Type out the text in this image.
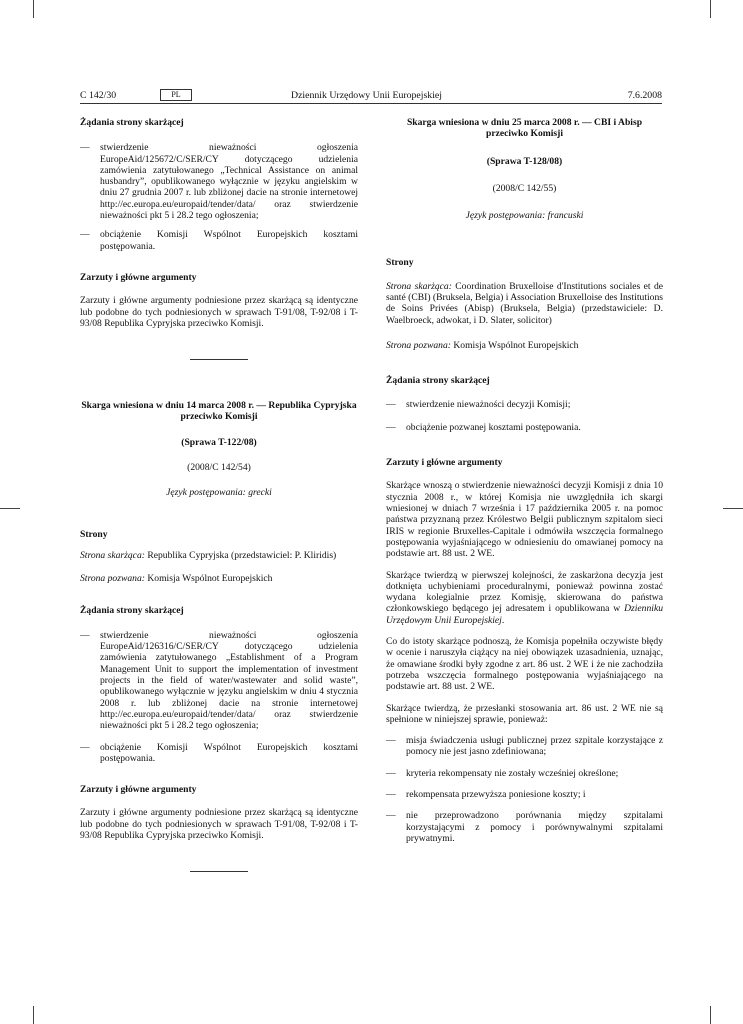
C 142/30	PL	Dziennik Urzędowy Unii Europejskiej	7.6.2008
Żądania strony skarżącej
— stwierdzenie nieważności ogłoszenia EuropeAid/125672/C/SER/CY dotyczącego udzielenia zamówienia zatytułowanego „Technical Assistance on animal husbandry”, opublikowanego wyłącznie w języku angielskim w dniu 27 grudnia 2007 r. lub zbliżonej dacie na stronie internetowej http://ec.europa.eu/europaid/tender/data/ oraz stwierdzenie nieważności pkt 5 i 28.2 tego ogłoszenia;
— obciążenie Komisji Wspólnot Europejskich kosztami postępowania.
Zarzuty i główne argumenty

Zarzuty i główne argumenty podniesione przez skarżącą są identyczne lub podobne do tych podniesionych w sprawach T-91/08, T-92/08 i T-93/08 Republika Cypryjska przeciwko Komisji.

Skarga wniesiona w dniu 14 marca 2008 r. — Republika Cypryjska przeciwko Komisji
(Sprawa T-122/08)
(2008/C 142/54)
Język postępowania: grecki
Strony

Strona skarżąca: Republika Cypryjska (przedstawiciel: P. Kliridis)

Strona pozwana: Komisja Wspólnot Europejskich

Żądania strony skarżącej
— stwierdzenie nieważności ogłoszenia EuropeAid/126316/C/SER/CY dotyczącego udzielenia zamówienia zatytułowanego „Establishment of a Program Management Unit to support the implementation of investment projects in the field of water/wastewater and solid waste”, opublikowanego wyłącznie w języku angielskim w dniu 4 stycznia 2008 r. lub zbliżonej dacie na stronie internetowej http://ec.europa.eu/europaid/tender/data/ oraz stwierdzenie nieważności pkt 5 i 28.2 tego ogłoszenia;
— obciążenie Komisji Wspólnot Europejskich kosztami postępowania.
Zarzuty i główne argumenty

Zarzuty i główne argumenty podniesione przez skarżącą są identyczne lub podobne do tych podniesionych w sprawach T-91/08, T-92/08 i T-93/08 Republika Cypryjska przeciwko Komisji.

Skarga wniesiona w dniu 25 marca 2008 r. — CBI i Abisp przeciwko Komisji
(Sprawa T-128/08)
(2008/C 142/55)
Język postępowania: francuski
Strony

Strona skarżąca: Coordination Bruxelloise d'Institutions sociales et de santé (CBI) (Bruksela, Belgia) i Association Bruxelloise des Institutions de Soins Privées (Abisp) (Bruksela, Belgia) (przedstawiciele: D. Waelbroeck, adwokat, i D. Slater, solicitor)

Strona pozwana: Komisja Wspólnot Europejskich

Żądania strony skarżącej
— stwierdzenie nieważności decyzji Komisji;
— obciążenie pozwanej kosztami postępowania.
Zarzuty i główne argumenty

Skarżące wnoszą o stwierdzenie nieważności decyzji Komisji z dnia 10 stycznia 2008 r., w której Komisja nie uwzględniła ich skargi wniesionej w dniach 7 września i 17 października 2005 r. na pomoc państwa przyznaną przez Królestwo Belgii publicznym szpitalom sieci IRIS w regionie Bruxelles-Capitale i odmówiła wszczęcia formalnego postępowania wyjaśniającego w odniesieniu do omawianej pomocy na podstawie art. 88 ust. 2 WE.

Skarżące twierdzą w pierwszej kolejności, że zaskarżona decyzja jest dotknięta uchybieniami proceduralnymi, ponieważ powinna zostać wydana kolegialnie przez Komisję, skierowana do państwa członkowskiego będącego jej adresatem i opublikowana w Dzienniku Urzędowym Unii Europejskiej.

Co do istoty skarżące podnoszą, że Komisja popełniła oczywiste błędy w ocenie i naruszyła ciążący na niej obowiązek uzasadnienia, uznając, że omawiane środki były zgodne z art. 86 ust. 2 WE i że nie zachodziła potrzeba wszczęcia formalnego postępowania wyjaśniającego na podstawie art. 88 ust. 2 WE.

Skarżące twierdzą, że przesłanki stosowania art. 86 ust. 2 WE nie są spełnione w niniejszej sprawie, ponieważ:

— misja świadczenia usługi publicznej przez szpitale korzystające z pomocy nie jest jasno zdefiniowana;
— kryteria rekompensaty nie zostały wcześniej określone;
— rekompensata przewyższa poniesione koszty; i
— nie przeprowadzono porównania między szpitalami korzystającymi z pomocy i porównywalnymi szpitalami prywatnymi.
